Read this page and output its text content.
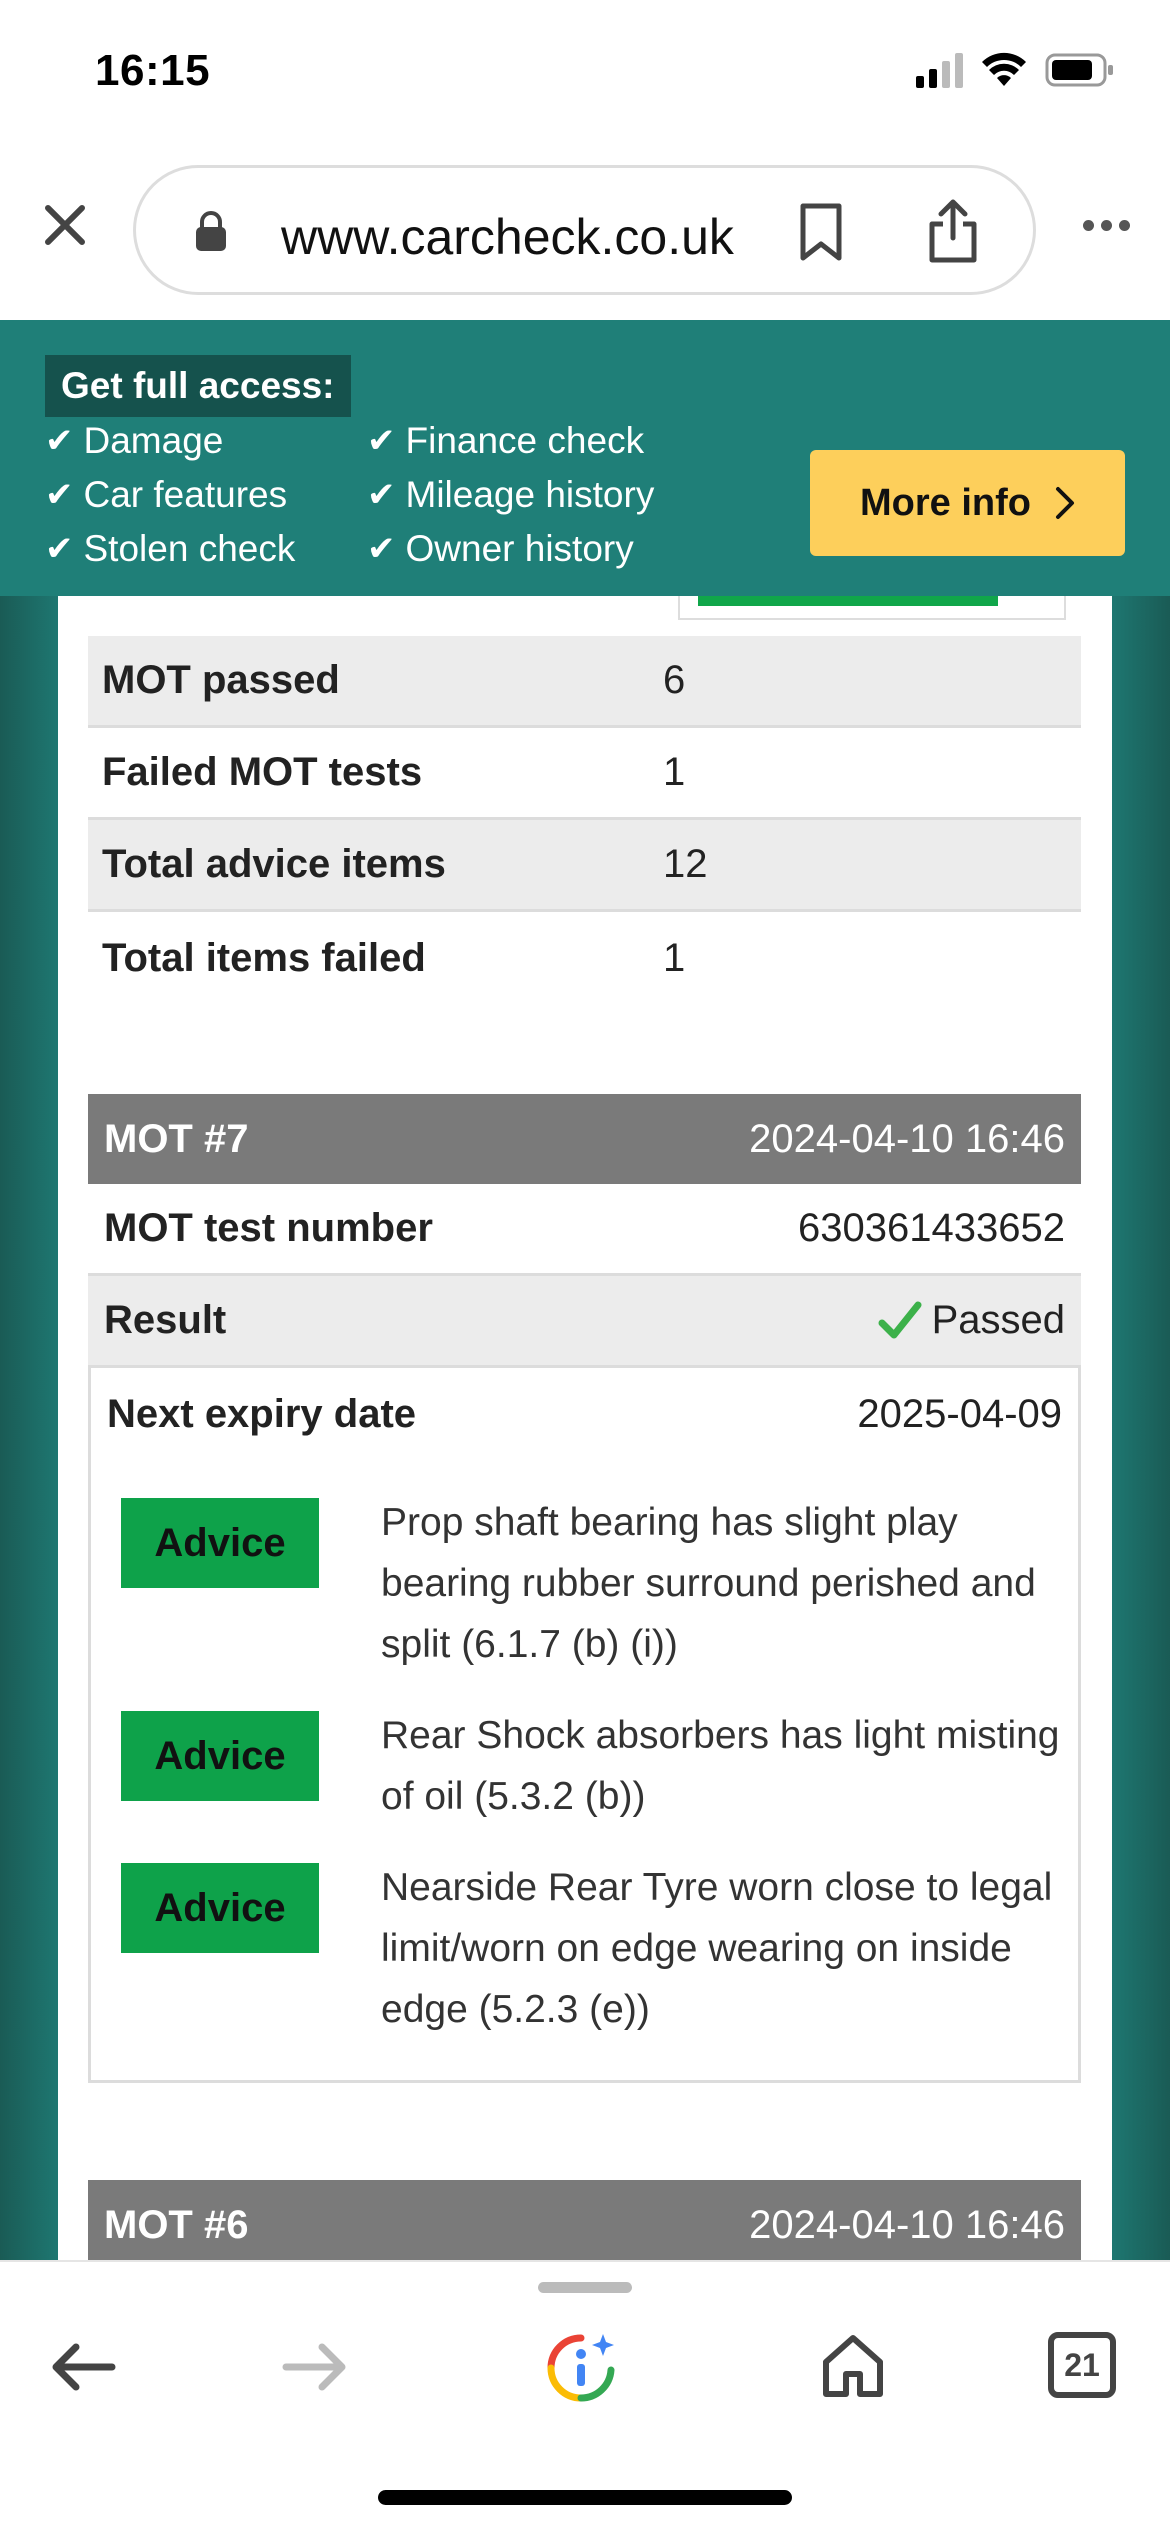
16:15
www.carcheck.co.uk
MOT passed	6
Failed MOT tests	1
Total advice items	12
Total items failed	1
MOT #7	2024-04-10 16:46
MOT test number	630361433652
Result	Passed
Next expiry date	2025-04-09
Advice	Prop shaft bearing has slight play bearing rubber surround perished and split (6.1.7 (b) (i))
Advice	Rear Shock absorbers has light misting of oil (5.3.2 (b))
Advice	Nearside Rear Tyre worn close to legal limit/worn on edge wearing on inside edge (5.2.3 (e))
MOT #6	2024-04-10 16:46
Get full access:
✔ Damage	✔ Finance check
✔ Car features ✔ Mileage history
✔ Stolen check ✔ Owner history
More info
21
